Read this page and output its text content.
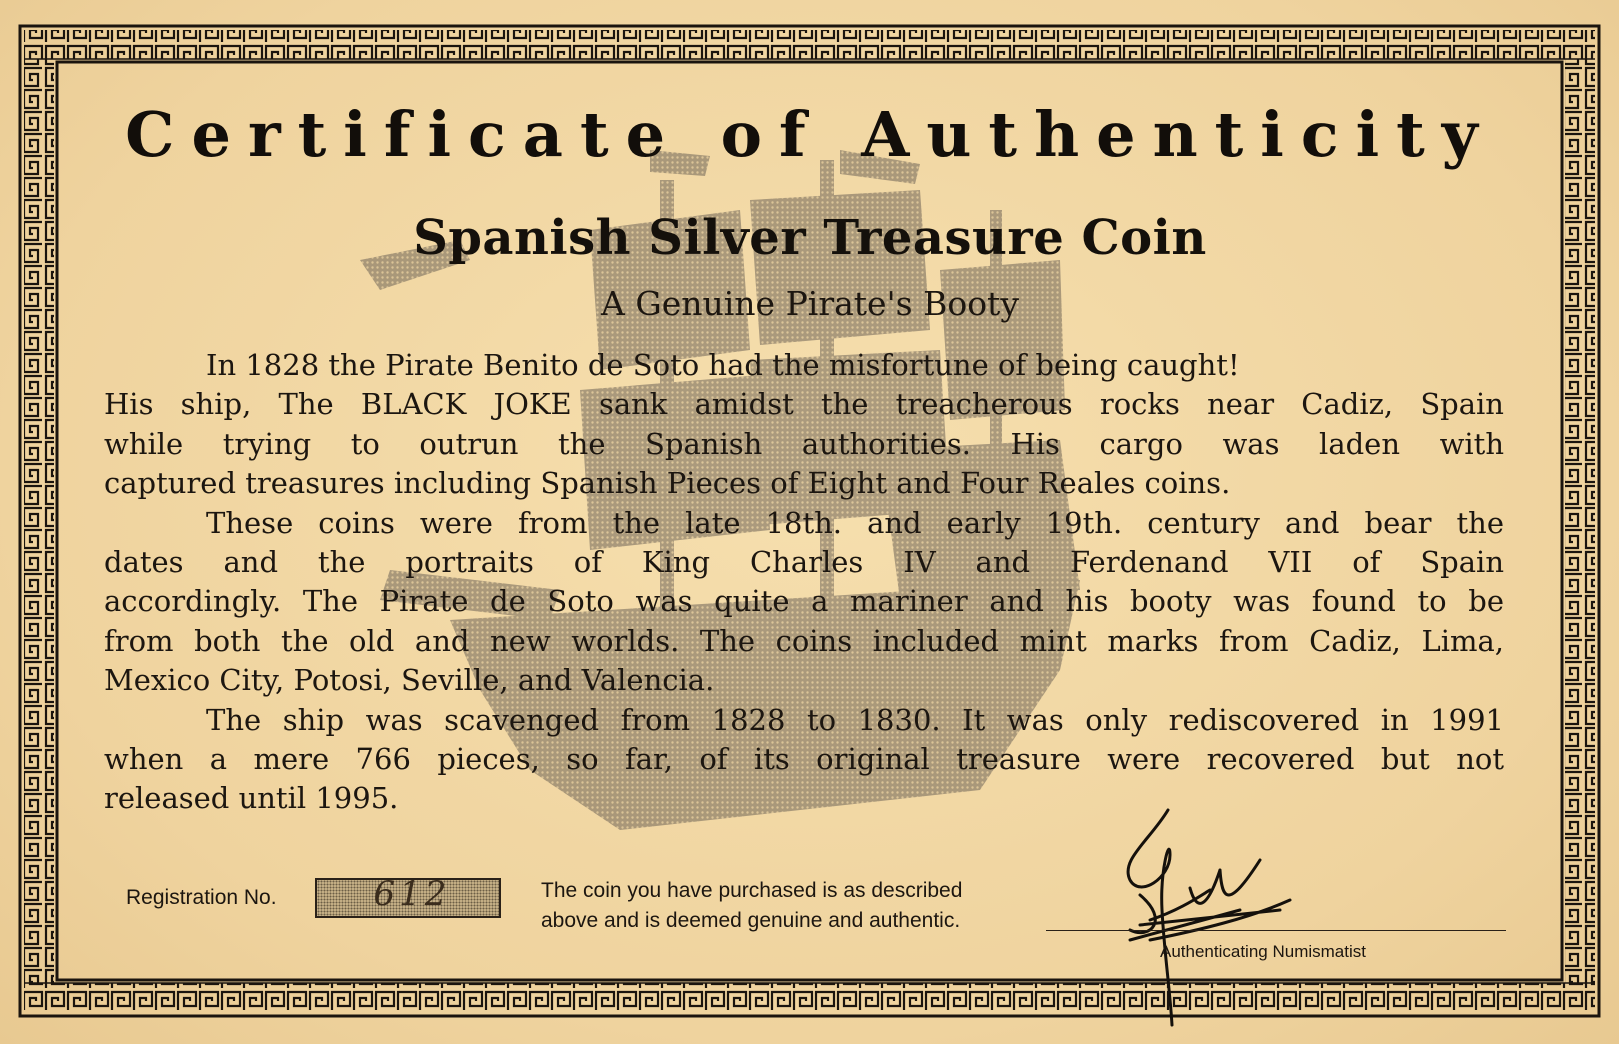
Certificate of Authenticity
Spanish Silver Treasure Coin

A Genuine Pirate's Booty

In 1828 the Pirate Benito de Soto had the misfortune of being caught!
His ship, The BLACK JOKE sank amidst the treacherous rocks near Cadiz, Spain
while trying to outrun the Spanish authorities. His cargo was laden with
captured treasures including Spanish Pieces of Eight and Four Reales coins.
These coins were from the late 18th. and early 19th. century and bear the
dates and the portraits of King Charles IV and Ferdenand VII of Spain
accordingly. The Pirate de Soto was quite a mariner and his booty was found to be
from both the old and new worlds. The coins included mint marks from Cadiz, Lima,
Mexico City, Potosi, Seville, and Valencia.
The ship was scavenged from 1828 to 1830. It was only rediscovered in 1991
when a mere 766 pieces, so far, of its original treasure were recovered but not
released until 1995.
Registration No.	612	The coin you have purchased is as described
above and is deemed genuine and authentic.
Authenticating Numismatist
